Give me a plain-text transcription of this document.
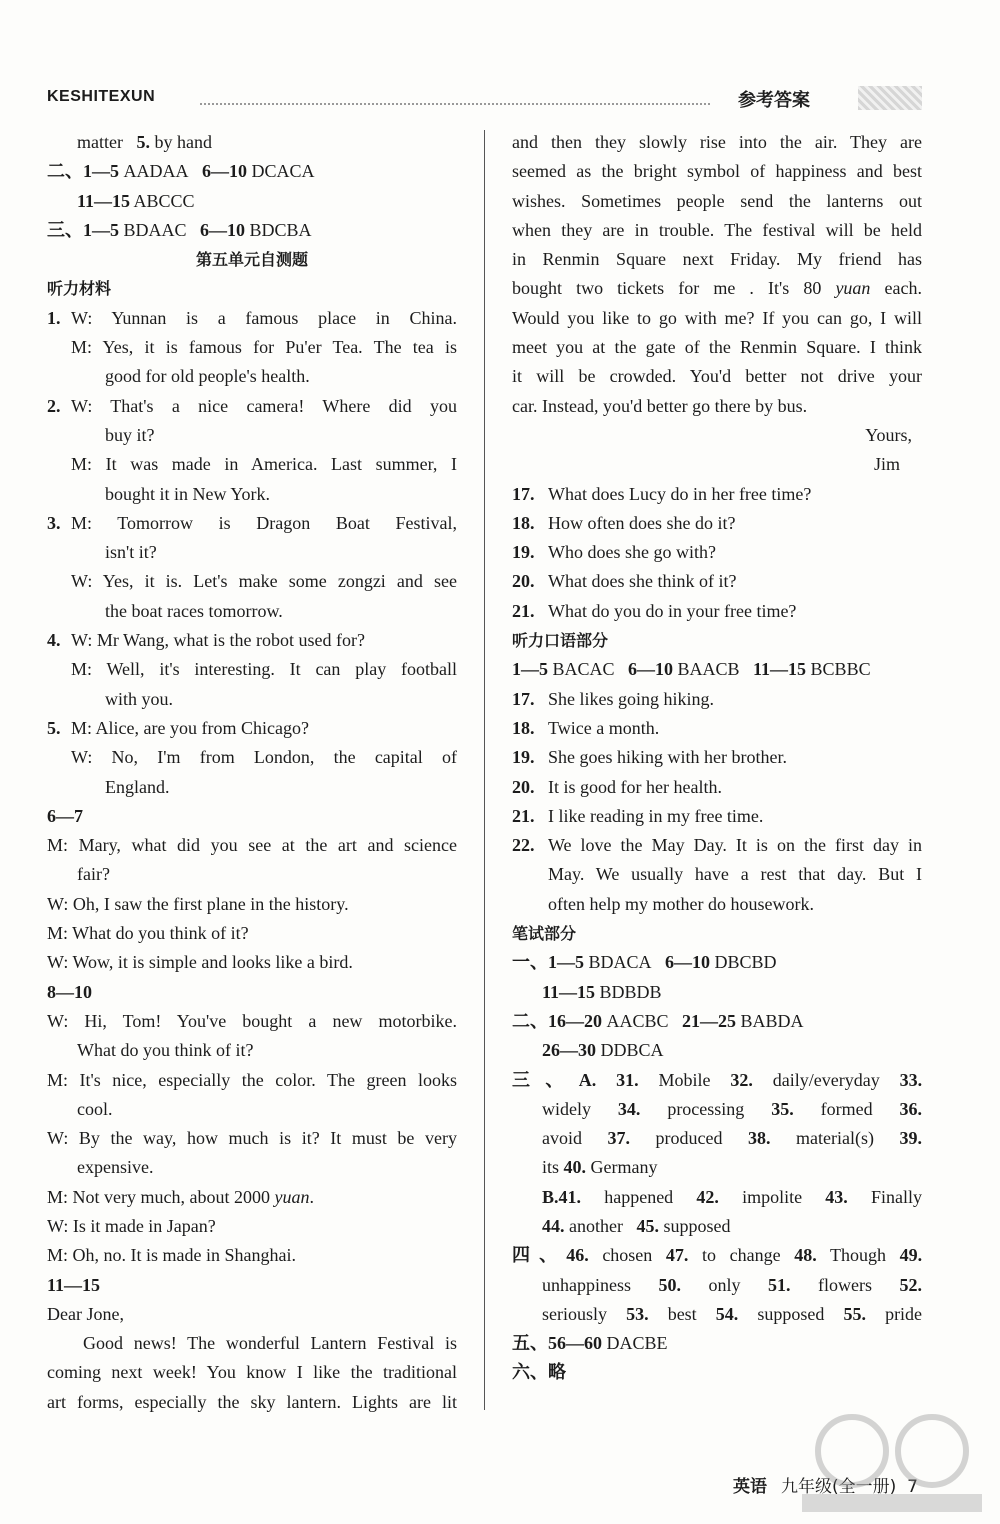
KESHITEXUN	参考答案
matter 5. by hand
二、1—5 AADAA 6—10 DCACA
11—15 ABCCC
三、1—5 BDAAC 6—10 BDCBA
第五单元自测题
听力材料
1. W: Yunnan is a famous place in China.
M: Yes, it is famous for Pu'er Tea. The tea is
good for old people's health.
2. W: That's a nice camera! Where did you
buy it?
M: It was made in America. Last summer, I
bought it in New York.
3. M: Tomorrow is Dragon Boat Festival,
isn't it?
W: Yes, it is. Let's make some zongzi and see
the boat races tomorrow.
4. W: Mr Wang, what is the robot used for?
M: Well, it's interesting. It can play football
with you.
5. M: Alice, are you from Chicago?
W: No, I'm from London, the capital of
England.
6—7
M: Mary, what did you see at the art and science
fair?
W: Oh, I saw the first plane in the history.
M: What do you think of it?
W: Wow, it is simple and looks like a bird.
8—10
W: Hi, Tom! You've bought a new motorbike.
What do you think of it?
M: It's nice, especially the color. The green looks
cool.
W: By the way, how much is it? It must be very
expensive.
M: Not very much, about 2000 yuan.
W: Is it made in Japan?
M: Oh, no. It is made in Shanghai.
11—15
Dear Jone,
Good news! The wonderful Lantern Festival is
coming next week! You know I like the traditional
art forms, especially the sky lantern. Lights are lit
and then they slowly rise into the air. They are
seemed as the bright symbol of happiness and best
wishes. Sometimes people send the lanterns out
when they are in trouble. The festival will be held
in Renmin Square next Friday. My friend has
bought two tickets for me . It's 80 yuan each.
Would you like to go with me? If you can go, I will
meet you at the gate of the Renmin Square. I think
it will be crowded. You'd better not drive your
car. Instead, you'd better go there by bus.
Yours,
Jim
17. What does Lucy do in her free time?
18. How often does she do it?
19. Who does she go with?
20. What does she think of it?
21. What do you do in your free time?
听力口语部分
1—5 BACAC 6—10 BAACB 11—15 BCBBC
17. She likes going hiking.
18. Twice a month.
19. She goes hiking with her brother.
20. It is good for her health.
21. I like reading in my free time.
22. We love the May Day. It is on the first day in
May. We usually have a rest that day. But I
often help my mother do housework.
笔试部分
一、1—5 BDACA 6—10 DBCBD
11—15 BDBDB
二、16—20 AACBC 21—25 BABDA
26—30 DDBCA
三、A. 31. Mobile 32. daily/everyday 33.
widely 34. processing 35. formed 36.
avoid 37. produced 38. material(s) 39.
its 40. Germany
B.41. happened 42. impolite 43. Finally
44. another 45. supposed
四、46. chosen 47. to change 48. Though 49.
unhappiness 50. only 51. flowers 52.
seriously 53. best 54. supposed 55. pride
五、56—60 DACBE
六、略
英语 九年级(全一册) 7
